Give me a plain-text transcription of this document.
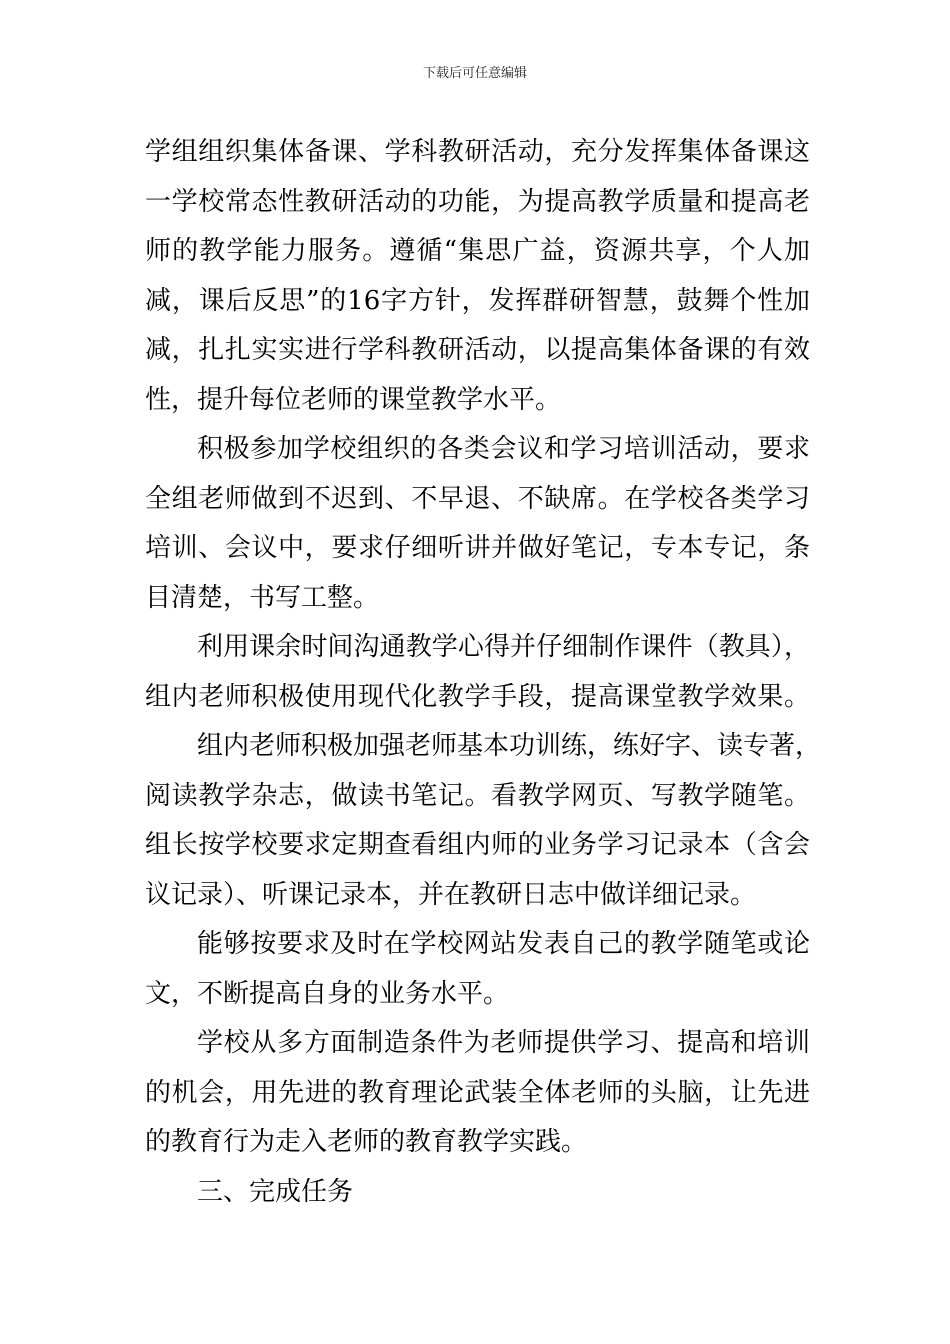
下载后可任意编辑
学组组织集体备课、学科教研活动，充分发挥集体备课这
一学校常态性教研活动的功能，为提高教学质量和提高老
师的教学能力服务。遵循“集思广益，资源共享，个人加
减，课后反思”的16字方针，发挥群研智慧，鼓舞个性加
减，扎扎实实进行学科教研活动，以提高集体备课的有效
性，提升每位老师的课堂教学水平。
积极参加学校组织的各类会议和学习培训活动，要求
全组老师做到不迟到、不早退、不缺席。在学校各类学习
培训、会议中，要求仔细听讲并做好笔记，专本专记，条
目清楚，书写工整。
利用课余时间沟通教学心得并仔细制作课件（教具），
组内老师积极使用现代化教学手段，提高课堂教学效果。
组内老师积极加强老师基本功训练，练好字、读专著，
阅读教学杂志，做读书笔记。看教学网页、写教学随笔。
组长按学校要求定期查看组内师的业务学习记录本（含会
议记录）、听课记录本，并在教研日志中做详细记录。
能够按要求及时在学校网站发表自己的教学随笔或论
文，不断提高自身的业务水平。
学校从多方面制造条件为老师提供学习、提高和培训
的机会，用先进的教育理论武装全体老师的头脑，让先进
的教育行为走入老师的教育教学实践。
三、完成任务
